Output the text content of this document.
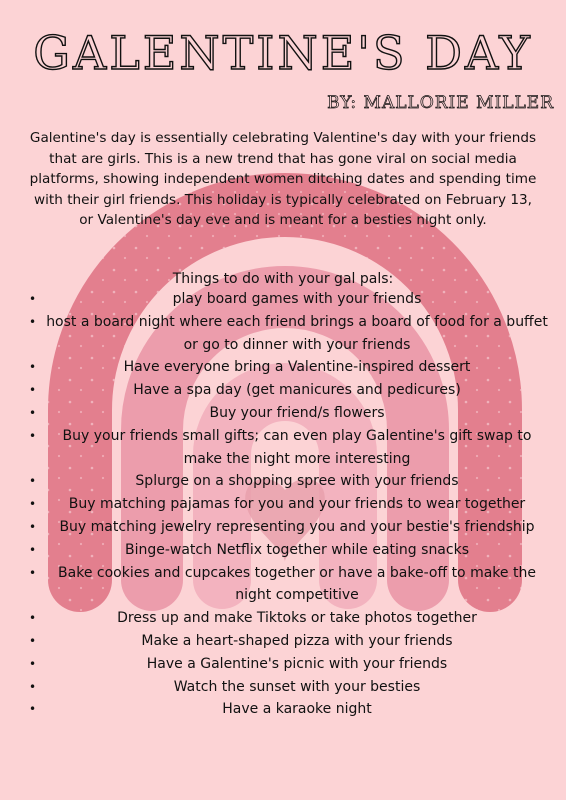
GALENTINE'S DAY
BY: MALLORIE MILLER

Galentine's day is essentially celebrating Valentine's day with your friends that are girls. This is a new trend that has gone viral on social media platforms, showing independent women ditching dates and spending time with their girl friends. This holiday is typically celebrated on February 13, or Valentine's day eve and is meant for a besties night only.

Things to do with your gal pals:

•	play board games with your friends
• host a board night where each friend brings a board of food for a buffet or go to dinner with your friends
•	Have everyone bring a Valentine-inspired dessert
•	Have a spa day (get manicures and pedicures)
•	Buy your friend/s flowers
• Buy your friends small gifts; can even play Galentine's gift swap to make the night more interesting
•	Splurge on a shopping spree with your friends
• Buy matching pajamas for you and your friends to wear together
• Buy matching jewelry representing you and your bestie's friendship
•	Binge-watch Netflix together while eating snacks
• Bake cookies and cupcakes together or have a bake-off to make the night competitive
•	Dress up and make Tiktoks or take photos together
•	Make a heart-shaped pizza with your friends
•	Have a Galentine's picnic with your friends
•	Watch the sunset with your besties
•	Have a karaoke night
